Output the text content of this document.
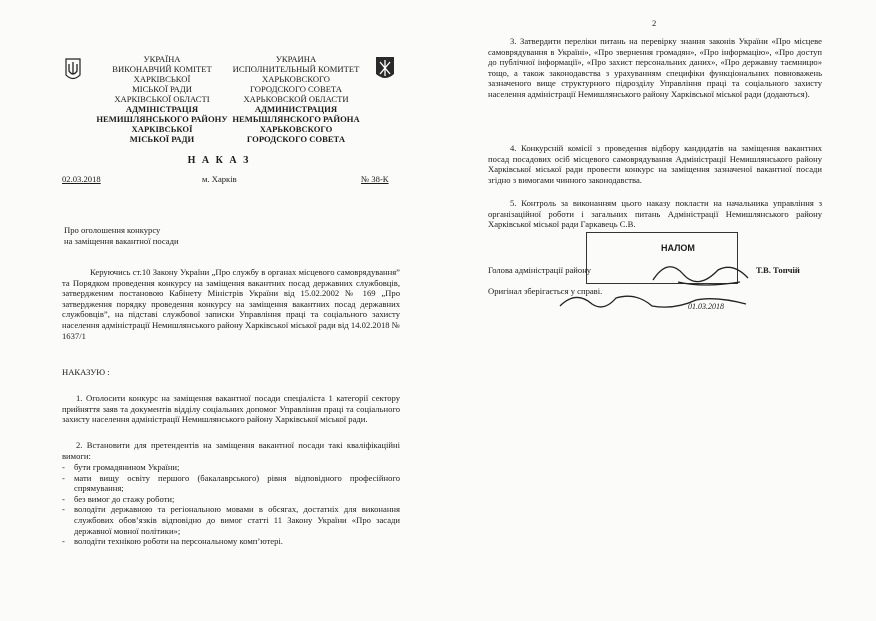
УКРАЇНА
ВИКОНАВЧИЙ КОМІТЕТ
ХАРКІВСЬКОЇ
МІСЬКОЇ РАДИ
ХАРКІВСЬКОЇ ОБЛАСТІ
АДМІНІСТРАЦІЯ
НЕМИШЛЯНСЬКОГО РАЙОНУ
ХАРКІВСЬКОЇ
МІСЬКОЇ РАДИ
УКРАИНА
ИСПОЛНИТЕЛЬНЫЙ КОМИТЕТ
ХАРЬКОВСКОГО
ГОРОДСКОГО СОВЕТА
ХАРЬКОВСКОЙ ОБЛАСТИ
АДМИНИСТРАЦИЯ
НЕМЫШЛЯНСКОГО РАЙОНА
ХАРЬКОВСКОГО
ГОРОДСКОГО СОВЕТА
Н А К А З
02.03.2018	м. Харків	№ 38-К
Про оголошення конкурсу
на заміщення вакантної посади
Керуючись ст.10 Закону України „Про службу в органах місцевого самоврядування” та Порядком проведення конкурсу на заміщення вакантних посад державних службовців, затвердженим постановою Кабінету Міністрів України від 15.02.2002 № 169 „Про затвердження порядку проведення конкурсу на заміщення вакантних посад державних службовців”, на підставі службової записки Управління праці та соціального захисту населення адміністрації Немишлянського району Харківської міської ради від 14.02.2018 № 1637/1
НАКАЗУЮ :
1. Оголосити конкурс на заміщення вакантної посади спеціаліста 1 категорії сектору прийняття заяв та документів відділу соціальних допомог Управління праці та соціального захисту населення адміністрації Немишлянського району Харківської міської ради.
2. Встановити для претендентів на заміщення вакантної посади такі кваліфікаційні вимоги:
-	бути громадянином України;
-	мати вищу освіту першого (бакалаврського) рівня відповідного професійного спрямування;
-	без вимог до стажу роботи;
-	володіти державною та регіональною мовами в обсягах, достатніх для виконання службових обов’язків відповідно до вимог статті 11 Закону України «Про засади державної мовної політики»;
-	володіти технікою роботи на персональному комп’ютері.
2
3. Затвердити переліки питань на перевірку знання законів України «Про місцеве самоврядування в Україні», «Про звернення громадян», «Про інформацію», «Про доступ до публічної інформації», «Про захист персональних даних», «Про державну таємницю» тощо, а також законодавства з урахуванням специфіки функціональних повноважень зазначеного вище структурного підрозділу Управління праці та соціального захисту населення адміністрації Немишлянського району Харківської міської ради (додаються).
4. Конкурсній комісії з проведення відбору кандидатів на заміщення вакантних посад посадових осіб місцевого самоврядування Адміністрації Немишлянського району Харківської міської ради провести конкурс на заміщення зазначеної вакантної посади згідно з вимогами чинного законодавства.
5. Контроль за виконанням цього наказу покласти на начальника управління з організаційної роботи і загальних питань Адміністрації Немишлянського району Харківської міської ради Гаркавець С.В.
НАЛОМ
Голова адміністрації району	Т.В. Топчій
Оригінал зберігається у справі.
01.03.2018
